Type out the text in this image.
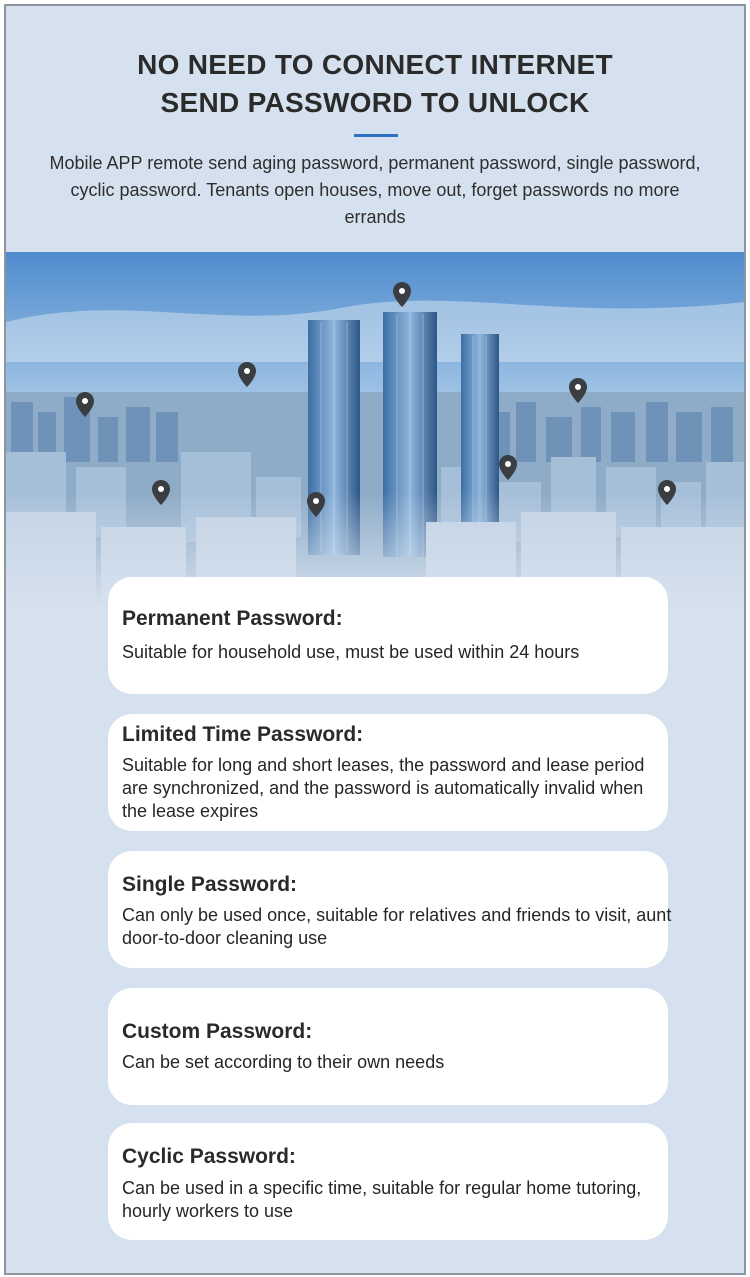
NO NEED TO CONNECT INTERNET
SEND PASSWORD TO UNLOCK
Mobile APP remote send aging password, permanent password, single password, cyclic password. Tenants open houses, move out, forget passwords no more errands
Permanent Password:
Suitable for household use, must be used within 24 hours
Limited Time Password:
Suitable for long and short leases, the password and lease period are synchronized, and the password is automatically invalid when the lease expires
Single Password:
Can only be used once, suitable for relatives and friends to visit, aunt door-to-door cleaning use
Custom Password:
Can be set according to their own needs
Cyclic Password:
Can be used in a specific time, suitable for regular home tutoring, hourly workers to use
